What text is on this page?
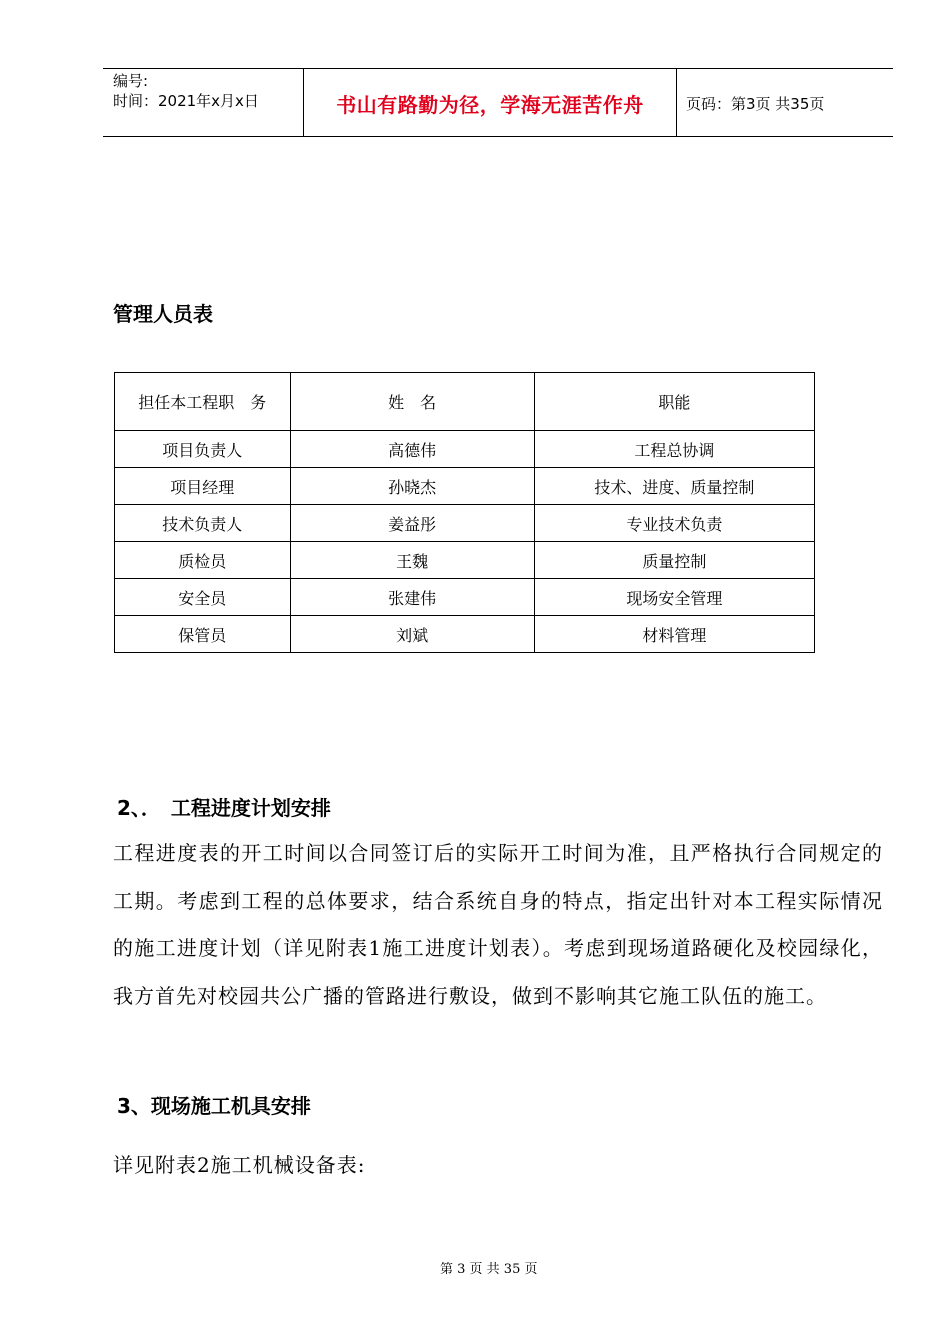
编号:
时间：2021年x月x日	书山有路勤为径，学海无涯苦作舟	页码：第3页 共35页
管理人员表
担任本工程职　务	姓　名	职能
项目负责人	高德伟	工程总协调
项目经理	孙晓杰	技术、进度、质量控制
技术负责人	姜益彤	专业技术负责
质检员	王魏	质量控制
安全员	张建伟	现场安全管理
保管员	刘斌	材料管理
2、．　工程进度计划安排
工程进度表的开工时间以合同签订后的实际开工时间为准，且严格执行合同规定的工期。考虑到工程的总体要求，结合系统自身的特点，指定出针对本工程实际情况的施工进度计划（详见附表1施工进度计划表）。考虑到现场道路硬化及校园绿化，我方首先对校园共公广播的管路进行敷设，做到不影响其它施工队伍的施工。
3、现场施工机具安排
详见附表2施工机械设备表:
第 3 页 共 35 页
